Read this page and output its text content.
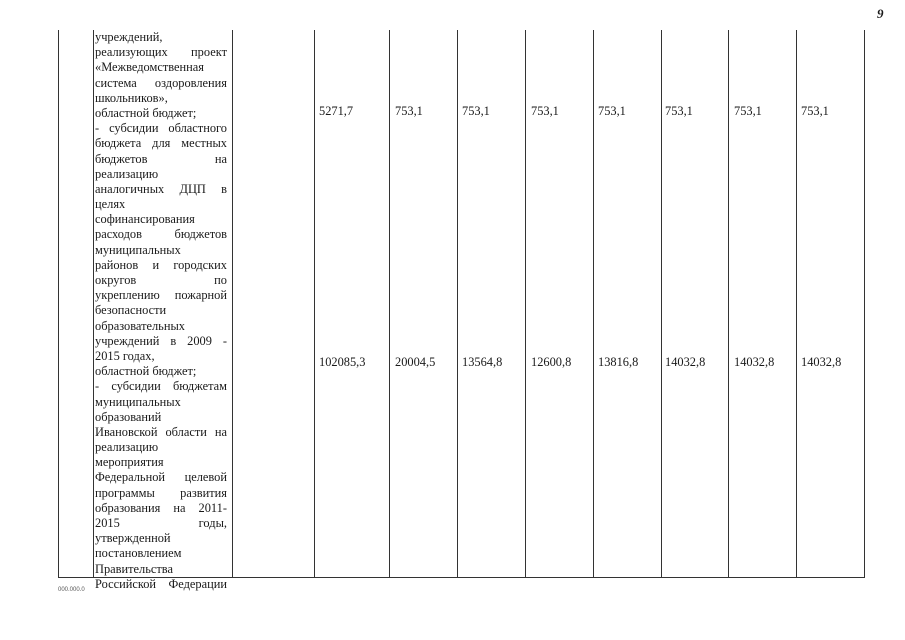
9
учреждений,
реализующих проект
«Межведомственная
система оздоровления
школьников»,
областной бюджет;
- субсидии областного
бюджета для местных
бюджетов на
реализацию
аналогичных ДЦП в
целях
софинансирования
расходов бюджетов
муниципальных
районов и городских
округов по
укреплению пожарной
безопасности
образовательных
учреждений в 2009 -
2015 годах,
областной бюджет;
- субсидии бюджетам
муниципальных
образований
Ивановской области на
реализацию
мероприятия
Федеральной целевой
программы развития
образования на 2011-
2015 годы,
утвержденной
постановлением
Правительства
Российской Федерации
5271,7	753,1	753,1	753,1	753,1	753,1	753,1	753,1
102085,3 20004,5 13564,8 12600,8 13816,8 14032,8 14032,8 14032,8
000.000.0
